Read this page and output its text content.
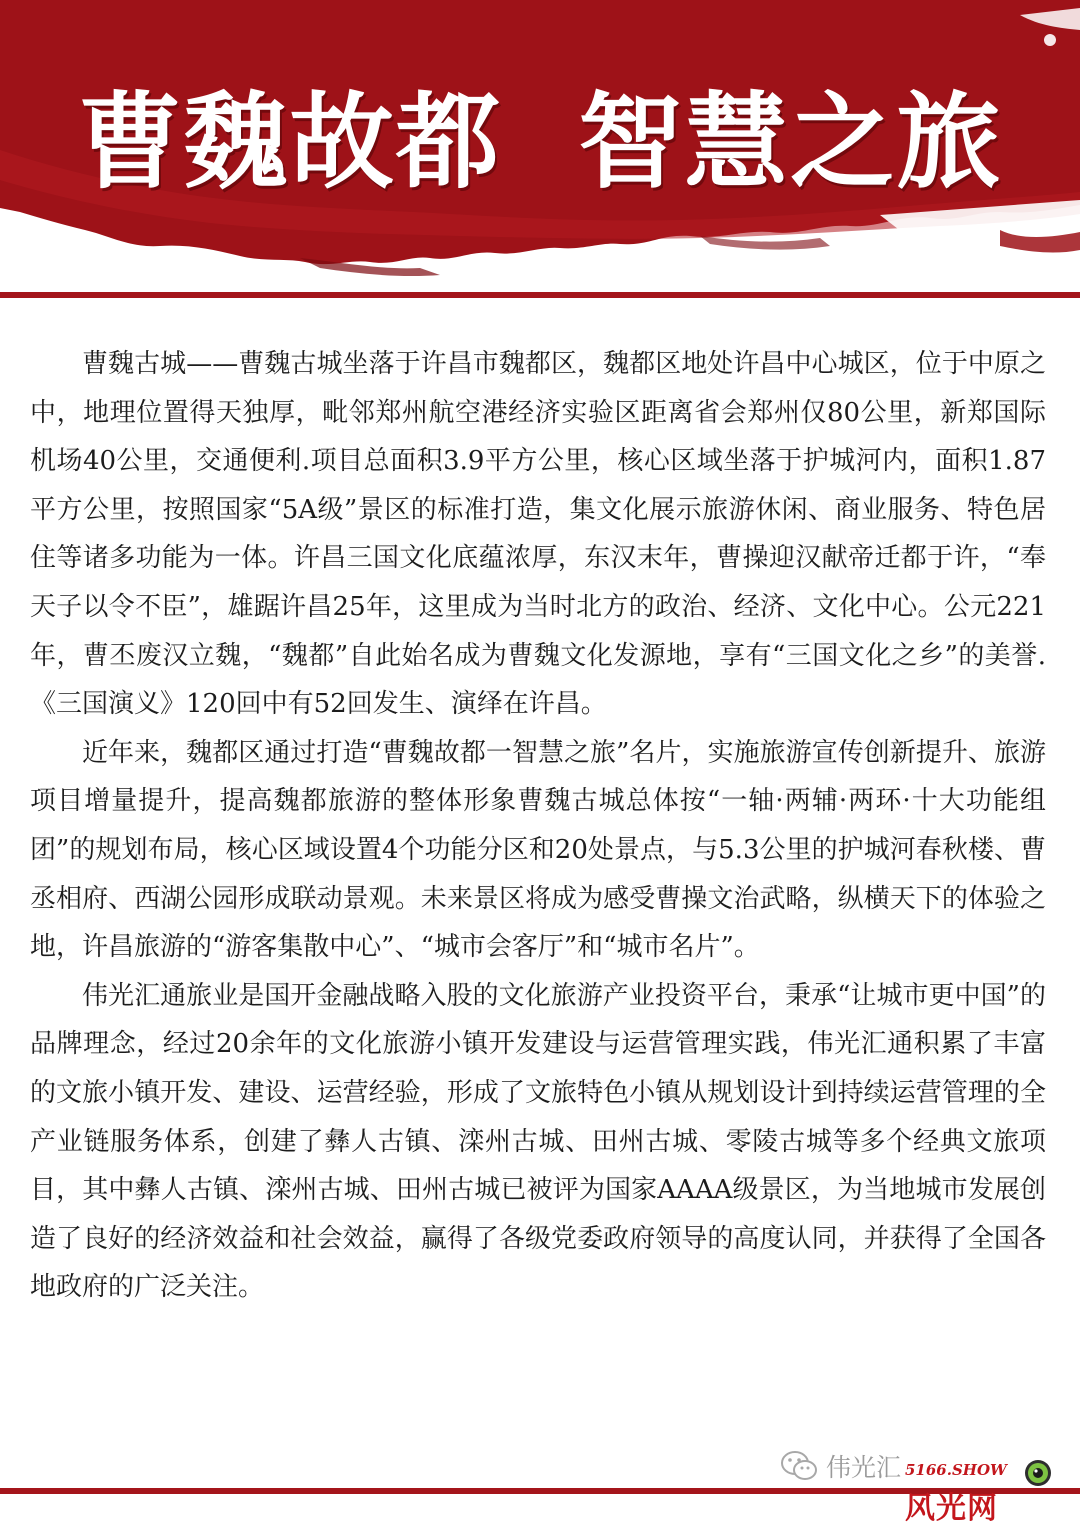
曹魏故都  智慧之旅

曹魏古城——曹魏古城坐落于许昌市魏都区，魏都区地处许昌中心城区，位于中原之中，地理位置得天独厚，毗邻郑州航空港经济实验区距离省会郑州仅80公里，新郑国际机场40公里，交通便利.项目总面积3.9平方公里，核心区域坐落于护城河内，面积1.87平方公里，按照国家“5A级”景区的标准打造，集文化展示旅游休闲、商业服务、特色居住等诸多功能为一体。许昌三国文化底蕴浓厚，东汉末年，曹操迎汉献帝迁都于许，“奉天子以令不臣”，雄踞许昌25年，这里成为当时北方的政治、经济、文化中心。公元221年，曹丕废汉立魏，“魏都”自此始名成为曹魏文化发源地，享有“三国文化之乡”的美誉.《三国演义》120回中有52回发生、演绎在许昌。

近年来，魏都区通过打造“曹魏故都一智慧之旅”名片，实施旅游宣传创新提升、旅游项目增量提升，提高魏都旅游的整体形象曹魏古城总体按“一轴·两辅·两环·十大功能组团”的规划布局，核心区域设置4个功能分区和20处景点，与5.3公里的护城河春秋楼、曹丞相府、西湖公园形成联动景观。未来景区将成为感受曹操文治武略，纵横天下的体验之地，许昌旅游的“游客集散中心”、“城市会客厅”和“城市名片”。

伟光汇通旅业是国开金融战略入股的文化旅游产业投资平台，秉承“让城市更中国”的品牌理念，经过20余年的文化旅游小镇开发建设与运营管理实践，伟光汇通积累了丰富的文旅小镇开发、建设、运营经验，形成了文旅特色小镇从规划设计到持续运营管理的全产业链服务体系，创建了彝人古镇、滦州古城、田州古城、零陵古城等多个经典文旅项目，其中彝人古镇、滦州古城、田州古城已被评为国家AAAA级景区，为当地城市发展创造了良好的经济效益和社会效益，赢得了各级党委政府领导的高度认同，并获得了全国各地政府的广泛关注。

伟光汇 5166.SHOW
风光网
